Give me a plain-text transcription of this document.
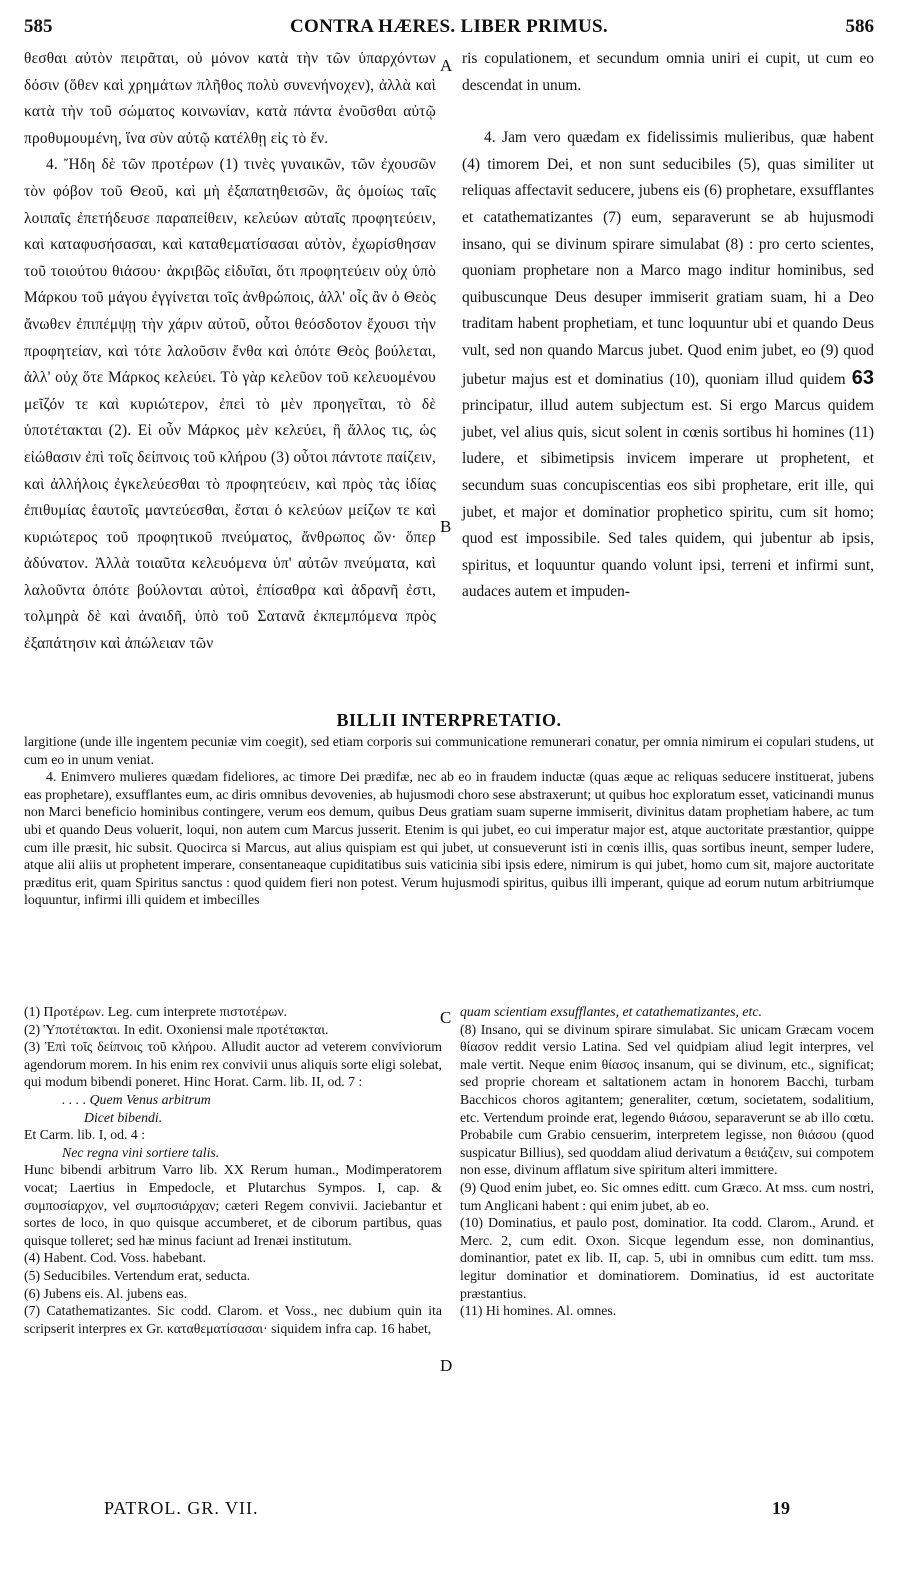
585	CONTRA HÆRES. LIBER PRIMUS.	586

θεσθαι αὐτὸν πειρᾶται, οὐ μόνον κατὰ τὴν τῶν ὑπαρχόντων δόσιν (ὅθεν καὶ χρημάτων πλῆθος πολὺ συνενήνοχεν), ἀλλὰ καὶ κατὰ τὴν τοῦ σώματος κοινωνίαν, κατὰ πάντα ἑνοῦσθαι αὐτῷ προθυμουμένη, ἵνα σὺν αὐτῷ κατέλθῃ εἰς τὸ ἕν.

4. Ἤδη δὲ τῶν προτέρων (1) τινὲς γυναικῶν, τῶν ἐχουσῶν τὸν φόβον τοῦ Θεοῦ, καὶ μὴ ἐξαπατηθεισῶν, ἃς ὁμοίως ταῖς λοιπαῖς ἐπετήδευσε παραπείθειν, κελεύων αὐταῖς προφητεύειν, καὶ καταφυσήσασαι, καὶ καταθεματίσασαι αὐτὸν, ἐχωρίσθησαν τοῦ τοιούτου θιάσου· ἀκριβῶς εἰδυῖαι, ὅτι προφητεύειν οὐχ ὑπὸ Μάρκου τοῦ μάγου ἐγγίνεται τοῖς ἀνθρώποις, ἀλλ' οἷς ἂν ὁ Θεὸς ἄνωθεν ἐπιπέμψῃ τὴν χάριν αὐτοῦ, οὗτοι θεόσδοτον ἔχουσι τὴν προφητείαν, καὶ τότε λαλοῦσιν ἔνθα καὶ ὁπότε Θεὸς βούλεται, ἀλλ' οὐχ ὅτε Μάρκος κελεύει. Τὸ γὰρ κελεῦον τοῦ κελευομένου μεῖζόν τε καὶ κυριώτερον, ἐπεὶ τὸ μὲν προηγεῖται, τὸ δὲ ὑποτέτακται (2). Εἰ οὖν Μάρκος μὲν κελεύει, ἢ ἄλλος τις, ὡς εἰώθασιν ἐπὶ τοῖς δείπνοις τοῦ κλήρου (3) οὗτοι πάντοτε παίζειν, καὶ ἀλλήλοις ἐγκελεύεσθαι τὸ προφητεύειν, καὶ πρὸς τὰς ἰδίας ἐπιθυμίας ἑαυτοῖς μαντεύεσθαι, ἔσται ὁ κελεύων μείζων τε καὶ κυριώτερος τοῦ προφητικοῦ πνεύματος, ἄνθρωπος ὤν· ὅπερ ἀδύνατον. Ἀλλὰ τοιαῦτα κελευόμενα ὑπ' αὐτῶν πνεύματα, καὶ λαλοῦντα ὁπότε βούλονται αὐτοὶ, ἐπίσαθρα καὶ ἀδρανῆ ἐστι, τολμηρὰ δὲ καὶ ἀναιδῆ, ὑπὸ τοῦ Σατανᾶ ἐκπεμπόμενα πρὸς ἐξαπάτησιν καὶ ἀπώλειαν τῶν

ris copulationem, et secundum omnia uniri ei cupit, ut cum eo descendat in unum.

4. Jam vero quædam ex fidelissimis mulieribus, quæ habent (4) timorem Dei, et non sunt seducibiles (5), quas similiter ut reliquas affectavit seducere, jubens eis (6) prophetare, exsufflantes et catathematizantes (7) eum, separaverunt se ab hujusmodi insano, qui se divinum spirare simulabat (8) : pro certo scientes, quoniam prophetare non a Marco mago inditur hominibus, sed quibuscunque Deus desuper immiserit gratiam suam, hi a Deo traditam habent prophetiam, et tunc loquuntur ubi et quando Deus vult, sed non quando Marcus jubet. Quod enim jubet, eo (9) quod jubetur majus est et dominatius (10), quoniam illud quidem 63 principatur, illud autem subjectum est. Si ergo Marcus quidem jubet, vel alius quis, sicut solent in cœnis sortibus hi homines (11) ludere, et sibimetipsis invicem imperare ut prophetent, et secundum suas concupiscentias eos sibi prophetare, erit ille, qui jubet, et major et dominatior prophetico spiritu, cum sit homo; quod est impossibile. Sed tales quidem, qui jubentur ab ipsis, spiritus, et loquuntur quando volunt ipsi, terreni et infirmi sunt, audaces autem et impuden-

A
B
C
D
BILLII INTERPRETATIO.

largitione (unde ille ingentem pecuniæ vim coegit), sed etiam corporis sui communicatione remunerari conatur, per omnia nimirum ei copulari studens, ut cum eo in unum veniat.

4. Enimvero mulieres quædam fideliores, ac timore Dei prædifæ, nec ab eo in fraudem inductæ (quas æque ac reliquas seducere instituerat, jubens eas prophetare), exsufflantes eum, ac diris omnibus devovenies, ab hujusmodi choro sese abstraxerunt; ut quibus hoc exploratum esset, vaticinandi munus non Marci beneficio hominibus contingere, verum eos demum, quibus Deus gratiam suam superne immiserit, divinitus datam prophetiam habere, ac tum ubi et quando Deus voluerit, loqui, non autem cum Marcus jusserit. Etenim is qui jubet, eo cui imperatur major est, atque auctoritate præstantior, quippe cum ille præsit, hic subsit. Quocirca si Marcus, aut alius quispiam est qui jubet, ut consueverunt isti in cœnis illis, quas sortibus ineunt, semper ludere, atque alii aliis ut prophetent imperare, consentaneaque cupiditatibus suis vaticinia sibi ipsis edere, nimirum is qui jubet, homo cum sit, majore auctoritate præditus erit, quam Spiritus sanctus : quod quidem fieri non potest. Verum hujusmodi spiritus, quibus illi imperant, quique ad eorum nutum arbitriumque loquuntur, infirmi illi quidem et imbecilles

(1) Προτέρων. Leg. cum interprete πιστοτέρων.

(2) Ὑποτέτακται. In edit. Oxoniensi male προτέτακται.

(3) Ἐπὶ τοῖς δείπνοις τοῦ κλήρου. Alludit auctor ad veterem conviviorum agendorum morem. In his enim rex convivii unus aliquis sorte eligi solebat, qui modum bibendi poneret. Hinc Horat. Carm. lib. II, od. 7 :

. . . . Quem Venus arbitrum

Dicet bibendi.

Et Carm. lib. I, od. 4 :

Nec regna vini sortiere talis.

Hunc bibendi arbitrum Varro lib. XX Rerum human., Modimperatorem vocat; Laertius in Empedocle, et Plutarchus Sympos. I, cap. & συμποσίαρχον, vel συμποσιάρχαν; cæteri Regem convivii. Jaciebantur et sortes de loco, in quo quisque accumberet, et de ciborum partibus, quas quisque tolleret; sed hæ minus faciunt ad Irenæi institutum.

(4) Habent. Cod. Voss. habebant.

(5) Seducibiles. Vertendum erat, seducta.

(6) Jubens eis. Al. jubens eas.

(7) Catathematizantes. Sic codd. Clarom. et Voss., nec dubium quin ita scripserit interpres ex Gr. καταθεματίσασαι· siquidem infra cap. 16 habet,

quam scientiam exsufflantes, et catathematizantes, etc.

(8) Insano, qui se divinum spirare simulabat. Sic unicam Græcam vocem θίασον reddit versio Latina. Sed vel quidpiam aliud legit interpres, vel male vertit. Neque enim θίασος insanum, qui se divinum, etc., significat; sed proprie choream et saltationem actam in honorem Bacchi, turbam Bacchicos choros agitantem; generaliter, cœtum, societatem, sodalitium, etc. Vertendum proinde erat, legendo θιάσου, separaverunt se ab illo cœtu. Probabile cum Grabio censuerim, interpretem legisse, non θιάσου (quod suspicatur Billius), sed quoddam aliud derivatum a θειάζειν, sui compotem non esse, divinum afflatum sive spiritum alteri immittere.

(9) Quod enim jubet, eo. Sic omnes editt. cum Græco. At mss. cum nostri, tum Anglicani habent : qui enim jubet, ab eo.

(10) Dominatius, et paulo post, dominatior. Ita codd. Clarom., Arund. et Merc. 2, cum edit. Oxon. Sicque legendum esse, non dominantius, dominantior, patet ex lib. II, cap. 5, ubi in omnibus cum editt. tum mss. legitur dominatior et dominatiorem. Dominatius, id est auctoritate præstantius.

(11) Hi homines. Al. omnes.

PATROL. GR. VII.	19
